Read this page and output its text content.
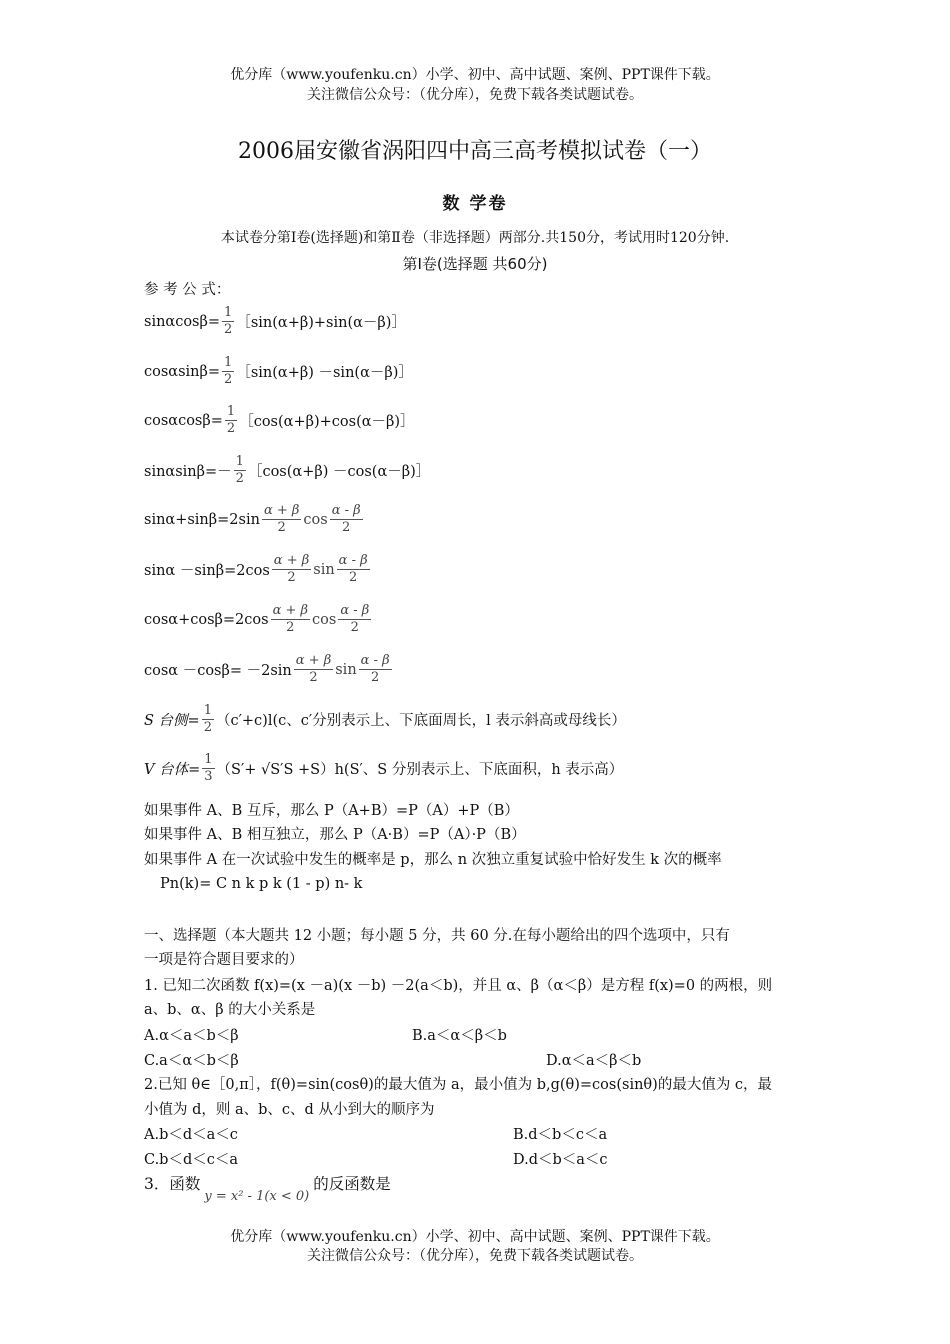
优分库（www.youfenku.cn）小学、初中、高中试题、案例、PPT课件下载。
关注微信公众号：（优分库），免费下载各类试题试卷。
2006届安徽省涡阳四中高三高考模拟试卷（一）
数 学卷
本试卷分第Ⅰ卷(选择题)和第Ⅱ卷（非选择题）两部分.共150分，考试用时120分钟.
第Ⅰ卷(选择题 共60分)
参 考 公 式：
$\sin\alpha\cos\beta= \frac{1}{2}$ ［sin(α+β)+sin(α－β)］
$\cos\alpha\sin\beta= \frac{1}{2}$ ［sin(α+β) －sin(α－β)］
$\cos\alpha\cos\beta= \frac{1}{2}$ ［cos(α+β)+cos(α－β)］
$\sin\alpha\sin\beta=- \frac{1}{2}$ ［cos(α+β) －cos(α－β)］
$\sin\alpha+\sin\beta=2\sin \frac{\alpha + \beta}{2}$ $\cos \frac{\alpha - \beta}{2}$
$\sin\alpha -\sin\beta=2\cos \frac{\alpha + \beta}{2}$ $\sin \frac{\alpha - \beta}{2}$
$\cos\alpha+\cos\beta=2\cos \frac{\alpha + \beta}{2}$ $\cos \frac{\alpha - \beta}{2}$
$\cos\alpha -\cos\beta= -2\sin \frac{\alpha + \beta}{2}$ $\sin \frac{\alpha - \beta}{2}$
S 台侧= $\frac{1}{2} (c'+c)l(c$、c′分别表示上、下底面周长，l 表示斜高或母线长）
V 台体= $\frac{1}{3} (S'+ √S'S +S)h(S'$、S 分别表示上、下底面积，h 表示高）
如果事件 A、B 互斥，那么 P（A+B）=P（A）+P（B）
如果事件 A、B 相互独立，那么 P（A·B）=P（A）·P（B）
如果事件 A 在一次试验中发生的概率是 p，那么 n 次独立重复试验中恰好发生 k 次的概率
Pn(k)= C n k p k (1 - p) n- k
一、选择题（本大题共 12 小题；每小题 5 分，共 60 分.在每小题给出的四个选项中，只有
一项是符合题目要求的）
1. 已知二次函数 f(x)=(x －a)(x －b) －2(a＜b)，并且 α、β（α＜β）是方程 f(x)=0 的两根，则
a、b、α、β 的大小关系是
A.α＜a＜b＜β	B.a＜α＜β＜b
C.a＜α＜b＜β	D.α＜a＜β＜b
2.已知 θ∈［0,π］，f(θ)=sin(cosθ)的最大值为 a，最小值为 b,g(θ)=cos(sinθ)的最大值为 c，最
小值为 d，则 a、b、c、d 从小到大的顺序为
A.b＜d＜a＜c	B.d＜b＜c＜a
C.b＜d＜c＜a	D.d＜b＜a＜c
3．函数
y = x² - 1(x < 0)
的反函数是
优分库（www.youfenku.cn）小学、初中、高中试题、案例、PPT课件下载。
关注微信公众号：（优分库），免费下载各类试题试卷。
